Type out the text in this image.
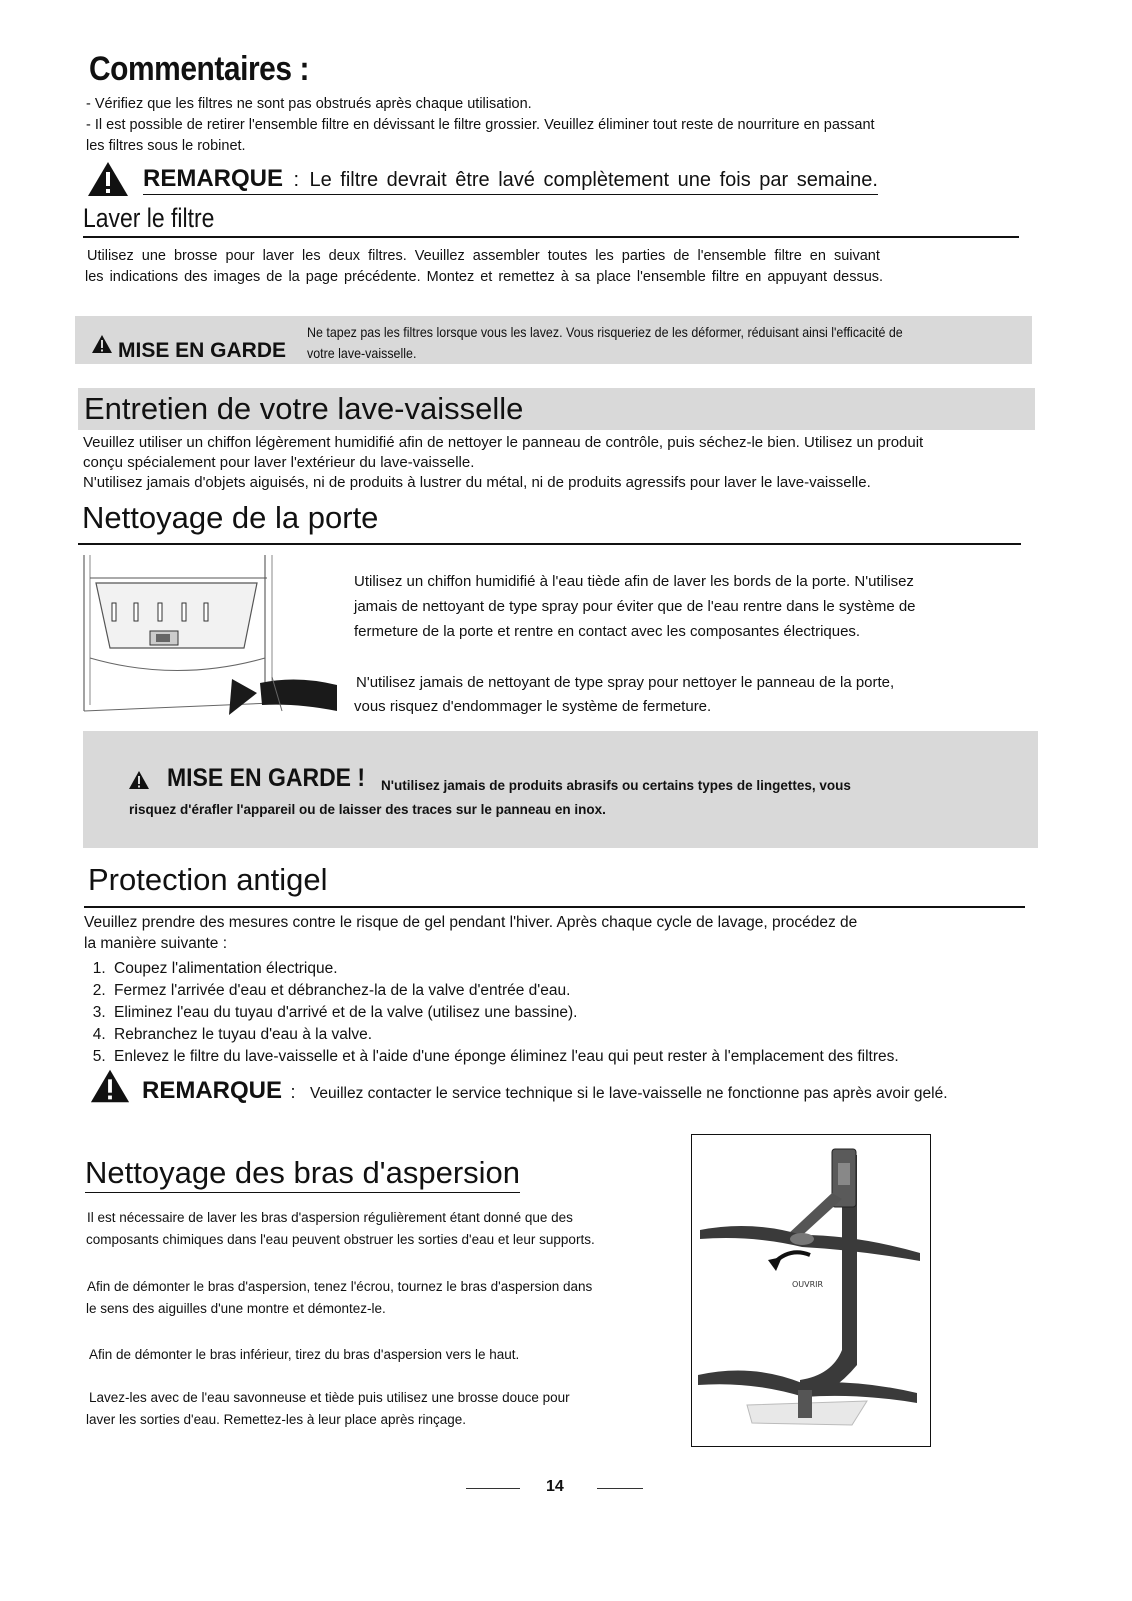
Commentaires :
- Vérifiez que les filtres ne sont pas obstrués après chaque utilisation.
- Il est possible de retirer l'ensemble filtre en dévissant le filtre grossier. Veuillez éliminer tout reste de nourriture en passant
les filtres sous le robinet.
REMARQUE : Le filtre devrait être lavé complètement une fois par semaine.
Laver le filtre
Utilisez une brosse pour laver les deux filtres. Veuillez assembler toutes les parties de l'ensemble filtre en suivant
les indications des images de la page précédente. Montez et remettez à sa place l'ensemble filtre en appuyant dessus.
MISE EN GARDE
Ne tapez pas les filtres lorsque vous les lavez. Vous risqueriez de les déformer, réduisant ainsi l'efficacité de
votre lave-vaisselle.
Entretien de votre lave-vaisselle
Veuillez utiliser un chiffon légèrement humidifié afin de nettoyer le panneau de contrôle, puis séchez-le bien. Utilisez un produit
conçu spécialement pour laver l'extérieur du lave-vaisselle.
N'utilisez jamais d'objets aiguisés, ni de produits à lustrer du métal, ni de produits agressifs pour laver le lave-vaisselle.
Nettoyage de la porte
Utilisez un chiffon humidifié à l'eau tiède afin de laver les bords de la porte. N'utilisez
jamais de nettoyant de type spray pour éviter que de l'eau rentre dans le système de
fermeture de la porte et rentre en contact avec les composantes électriques.
N'utilisez jamais de nettoyant de type spray pour nettoyer le panneau de la porte,
vous risquez d'endommager le système de fermeture.
MISE EN GARDE ! N'utilisez jamais de produits abrasifs ou certains types de lingettes, vous
risquez d'érafler l'appareil ou de laisser des traces sur le panneau en inox.
Protection antigel
Veuillez prendre des mesures contre le risque de gel pendant l'hiver. Après chaque cycle de lavage, procédez de
la manière suivante :
1. Coupez l'alimentation électrique.
2. Fermez l'arrivée d'eau et débranchez-la de la valve d'entrée d'eau.
3. Eliminez l'eau du tuyau d'arrivé et de la valve (utilisez une bassine).
4. Rebranchez le tuyau d'eau à la valve.
5. Enlevez le filtre du lave-vaisselle et à l'aide d'une éponge éliminez l'eau qui peut rester à l'emplacement des filtres.
REMARQUE : Veuillez contacter le service technique si le lave-vaisselle ne fonctionne pas après avoir gelé.
Nettoyage des bras d'aspersion
Il est nécessaire de laver les bras d'aspersion régulièrement étant donné que des
composants chimiques dans l'eau peuvent obstruer les sorties d'eau et leur supports.
Afin de démonter le bras d'aspersion, tenez l'écrou, tournez le bras d'aspersion dans
le sens des aiguilles d'une montre et démontez-le.
Afin de démonter le bras inférieur, tirez du bras d'aspersion vers le haut.
Lavez-les avec de l'eau savonneuse et tiède puis utilisez une brosse douce pour
laver les sorties d'eau. Remettez-les à leur place après rinçage.
OUVRIR
14
